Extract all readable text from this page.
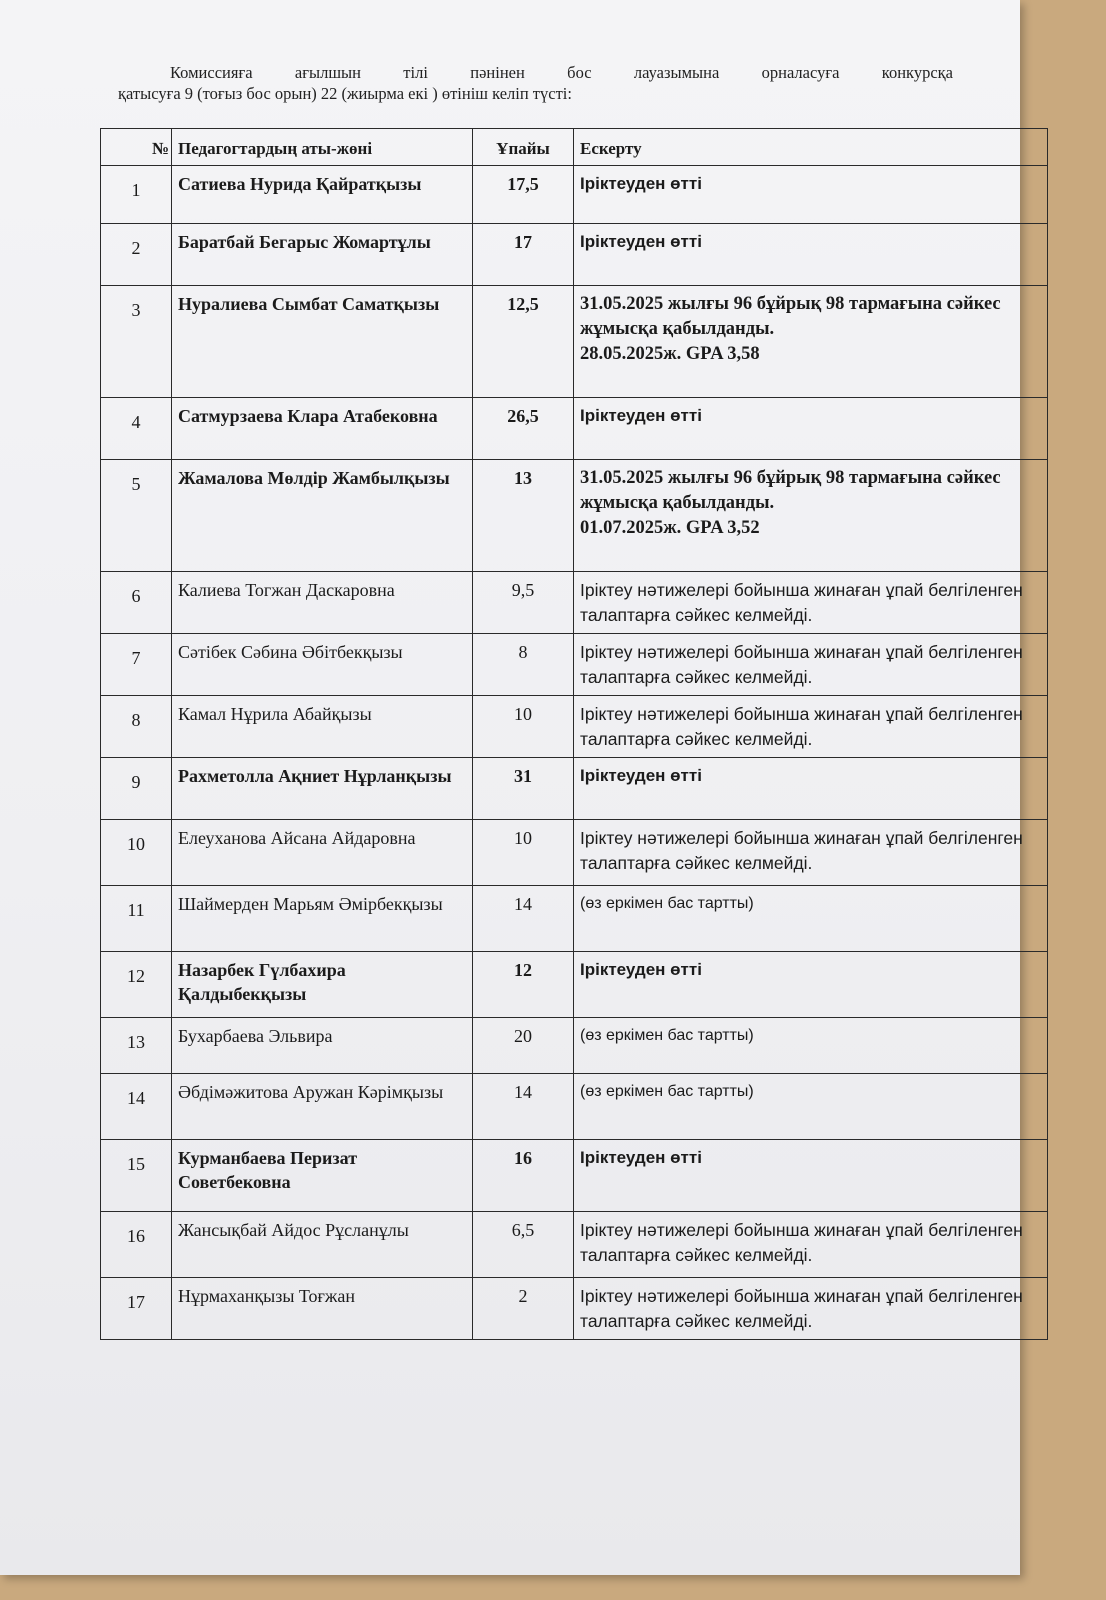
Комиссияға ағылшын тілі пәнінен бос лауазымына орналасуға конкурсқа
қатысуға 9 (тоғыз бос орын) 22 (жиырма екі ) өтініш келіп түсті:
№	Педагогтардың аты-жөні	Ұпайы	Ескерту
1	Сатиева Нурида Қайратқызы	17,5	Іріктеуден өтті

2	Баратбай Бегарыс Жомартұлы	17	Іріктеуден өтті

3	Нуралиева Сымбат Саматқызы	12,5	31.05.2025 жылғы 96 бұйрық 98 тармағына сәйкес жұмысқа қабылданды.
28.05.2025ж. GPA 3,58

4	Сатмурзаева Клара Атабековна	26,5	Іріктеуден өтті

5	Жамалова Мөлдір Жамбылқызы	13	31.05.2025 жылғы 96 бұйрық 98 тармағына сәйкес жұмысқа қабылданды.
01.07.2025ж. GPA 3,52

6	Калиева Тогжан Даскаровна	9,5	Іріктеу нәтижелері бойынша жинаған ұпай белгіленген талаптарға сәйкес келмейді.

7	Сәтібек Сәбина Әбітбекқызы	8	Іріктеу нәтижелері бойынша жинаған ұпай белгіленген талаптарға сәйкес келмейді.

8	Камал Нұрила Абайқызы	10	Іріктеу нәтижелері бойынша жинаған ұпай белгіленген талаптарға сәйкес келмейді.

9	Рахметолла Ақниет Нұрланқызы	31	Іріктеуден өтті

10	Елеуханова Айсана Айдаровна	10	Іріктеу нәтижелері бойынша жинаған ұпай белгіленген талаптарға сәйкес келмейді.

11	Шаймерден Марьям Әмірбекқызы	14	(өз еркімен бас тартты)

12	Назарбек Гүлбахира Қалдыбекқызы	12	Іріктеуден өтті

13	Бухарбаева Эльвира	20	(өз еркімен бас тартты)

14	Әбдімәжитова Аружан Кәрімқызы	14	(өз еркімен бас тартты)

15	Курманбаева Перизат Советбековна	16	Іріктеуден өтті

16	Жансықбай Айдос Рұсланұлы	6,5	Іріктеу нәтижелері бойынша жинаған ұпай белгіленген талаптарға сәйкес келмейді.

17	Нұрмаханқызы Тоғжан	2	Іріктеу нәтижелері бойынша жинаған ұпай белгіленген талаптарға сәйкес келмейді.
